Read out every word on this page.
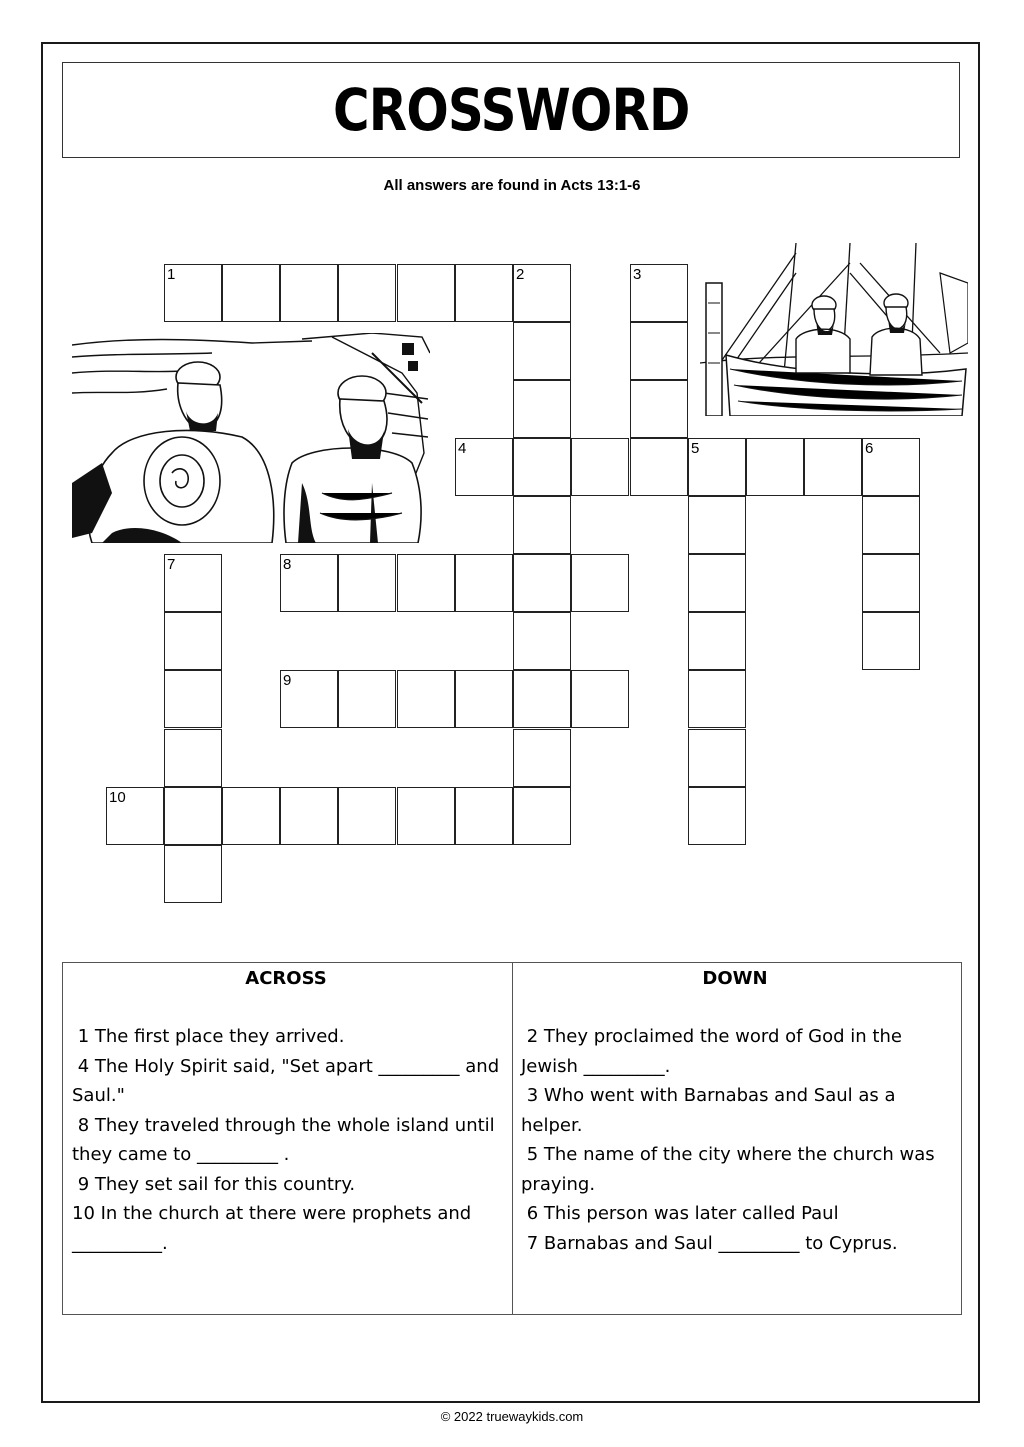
CROSSWORD
All answers are found in Acts 13:1-6
1	2	3
4	5	6
7	8
9
10
ACROSS

1 The first place they arrived.

4 The Holy Spirit said, "Set apart _________ and Saul."

8 They traveled through the whole island until they came to _________ .

9 They set sail for this country.

10 In the church at there were prophets and __________.

DOWN

2 They proclaimed the word of God in the Jewish _________.

3 Who went with Barnabas and Saul as a helper.

5 The name of the city where the church was praying.

6 This person was later called Paul

7 Barnabas and Saul _________ to Cyprus.

© 2022 truewaykids.com
